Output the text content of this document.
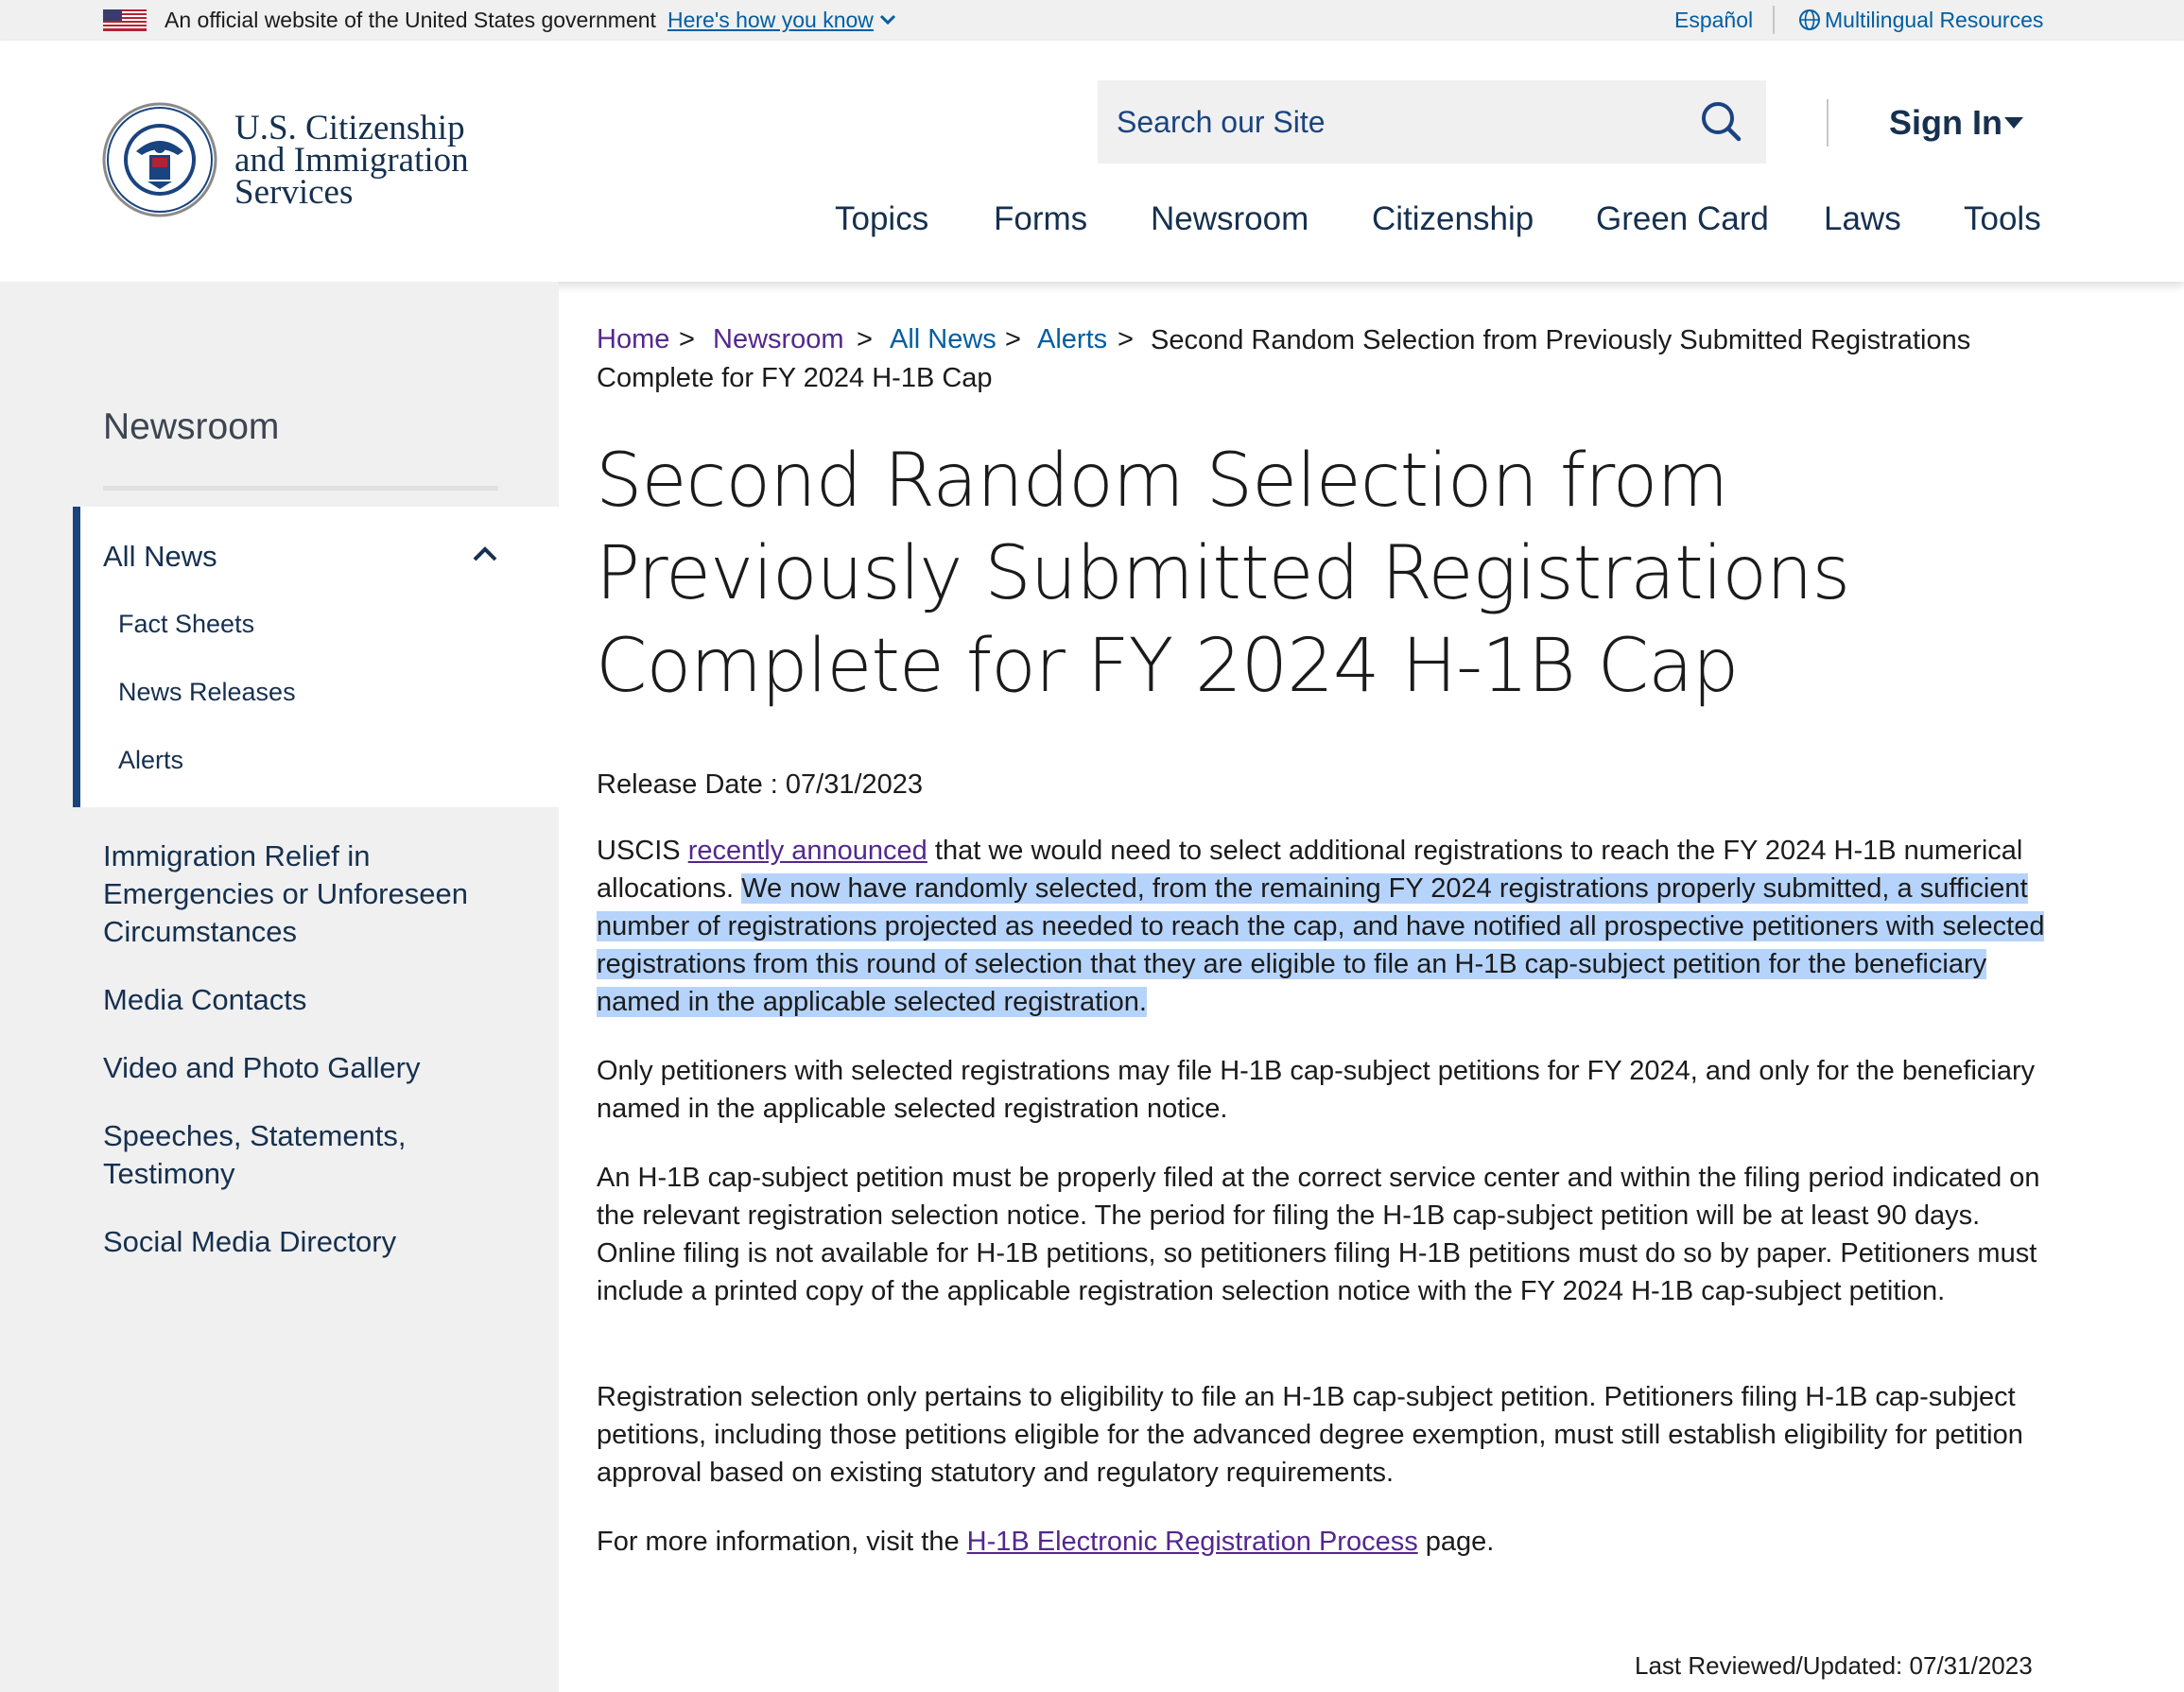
An official website of the United States government Here's how you know	Español	Multilingual Resources
U.S. Citizenship
and Immigration
Services
Search our Site
Sign In
Topics Forms Newsroom Citizenship Green Card Laws Tools
Newsroom
All News
Fact Sheets
News Releases
Alerts
Immigration Relief in Emergencies or Unforeseen Circumstances
Media Contacts
Video and Photo Gallery
Speeches, Statements, Testimony
Social Media Directory
Home > Newsroom > All News > Alerts > Second Random Selection from Previously Submitted Registrations Complete for FY 2024 H-1B Cap
Second Random Selection from Previously Submitted Registrations Complete for FY 2024 H-1B Cap
Release Date : 07/31/2023

USCIS recently announced that we would need to select additional registrations to reach the FY 2024 H-1B numerical allocations. We now have randomly selected, from the remaining FY 2024 registrations properly submitted, a sufficient number of registrations projected as needed to reach the cap, and have notified all prospective petitioners with selected registrations from this round of selection that they are eligible to file an H-1B cap-subject petition for the beneficiary named in the applicable selected registration.

Only petitioners with selected registrations may file H-1B cap-subject petitions for FY 2024, and only for the beneficiary named in the applicable selected registration notice.

An H-1B cap-subject petition must be properly filed at the correct service center and within the filing period indicated on the relevant registration selection notice. The period for filing the H-1B cap-subject petition will be at least 90 days. Online filing is not available for H-1B petitions, so petitioners filing H-1B petitions must do so by paper. Petitioners must include a printed copy of the applicable registration selection notice with the FY 2024 H-1B cap-subject petition.

Registration selection only pertains to eligibility to file an H-1B cap-subject petition. Petitioners filing H-1B cap-subject petitions, including those petitions eligible for the advanced degree exemption, must still establish eligibility for petition approval based on existing statutory and regulatory requirements.

For more information, visit the H-1B Electronic Registration Process page.

Last Reviewed/Updated: 07/31/2023
